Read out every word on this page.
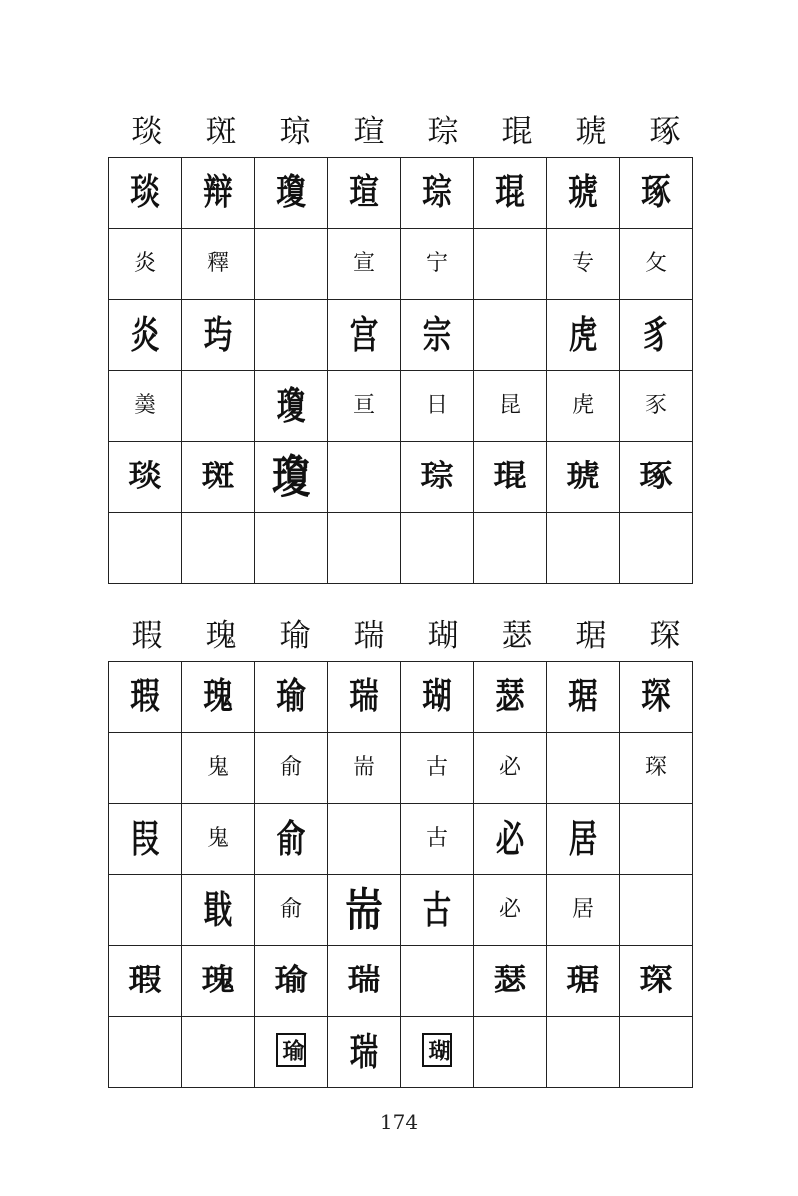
琰	斑	琼	瑄	琮	琨	琥	琢
琰	辩	瓊	瑄	琮	琨	琥	琢
炎	釋		宣	宁		专	攵
炎	玙		宫	宗		虎	豸
羮		瓊	亘	日	昆	虎	豕
琰	斑	瓊		琮	琨	琥	琢

瑕	瑰	瑜	瑞	瑚	瑟	琚	琛
瑕	瑰	瑜	瑞	瑚	瑟	琚	琛
	鬼	俞	耑	古	必		琛
叚	鬼	俞		古	必	居	
	戢	俞	耑	古	必	居	
瑕	瑰	瑜	瑞		瑟	琚	琛
		瑜	瑞	瑚			
174
